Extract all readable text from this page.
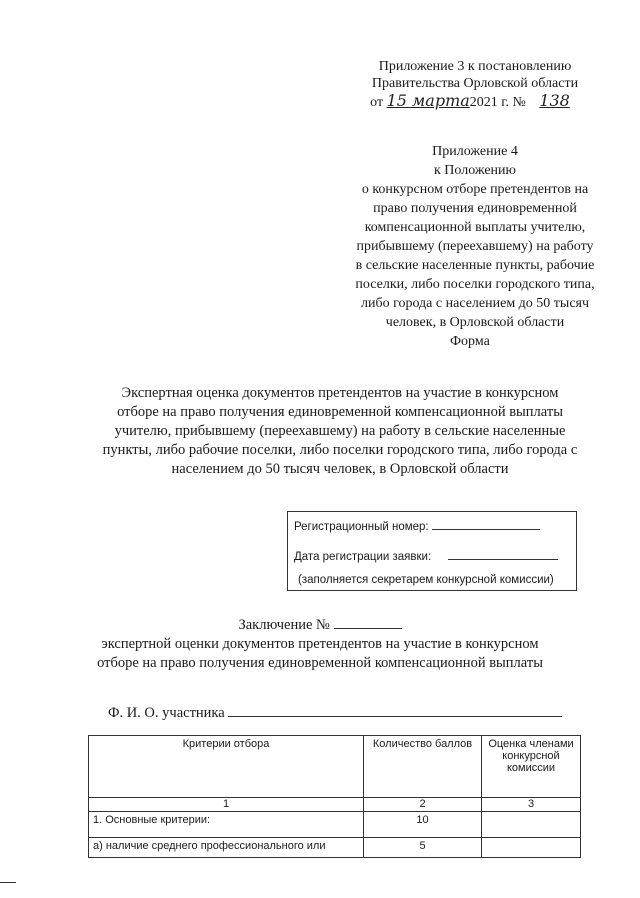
Приложение 3 к постановлению
Правительства Орловской области
от 15 марта2021 г. № 138
Приложение 4
к Положению
о конкурсном отборе претендентов на
право получения единовременной
компенсационной выплаты учителю,
прибывшему (переехавшему) на работу
в сельские населенные пункты, рабочие
поселки, либо поселки городского типа,
либо города с населением до 50 тысяч
человек, в Орловской области
Форма
Экспертная оценка документов претендентов на участие в конкурсном
отборе на право получения единовременной компенсационной выплаты
учителю, прибывшему (переехавшему) на работу в сельские населенные
пункты, либо рабочие поселки, либо поселки городского типа, либо города с
населением до 50 тысяч человек, в Орловской области
Регистрационный номер:
Дата регистрации заявки:
(заполняется секретарем конкурсной комиссии)
Заключение №
экспертной оценки документов претендентов на участие в конкурсном
отборе на право получения единовременной компенсационной выплаты
Ф. И. О. участника
Критерии отбора	Количество баллов	Оценка членами конкурсной комиссии
1	2	3
1. Основные критерии:	10	
а) наличие среднего профессионального или	5	
